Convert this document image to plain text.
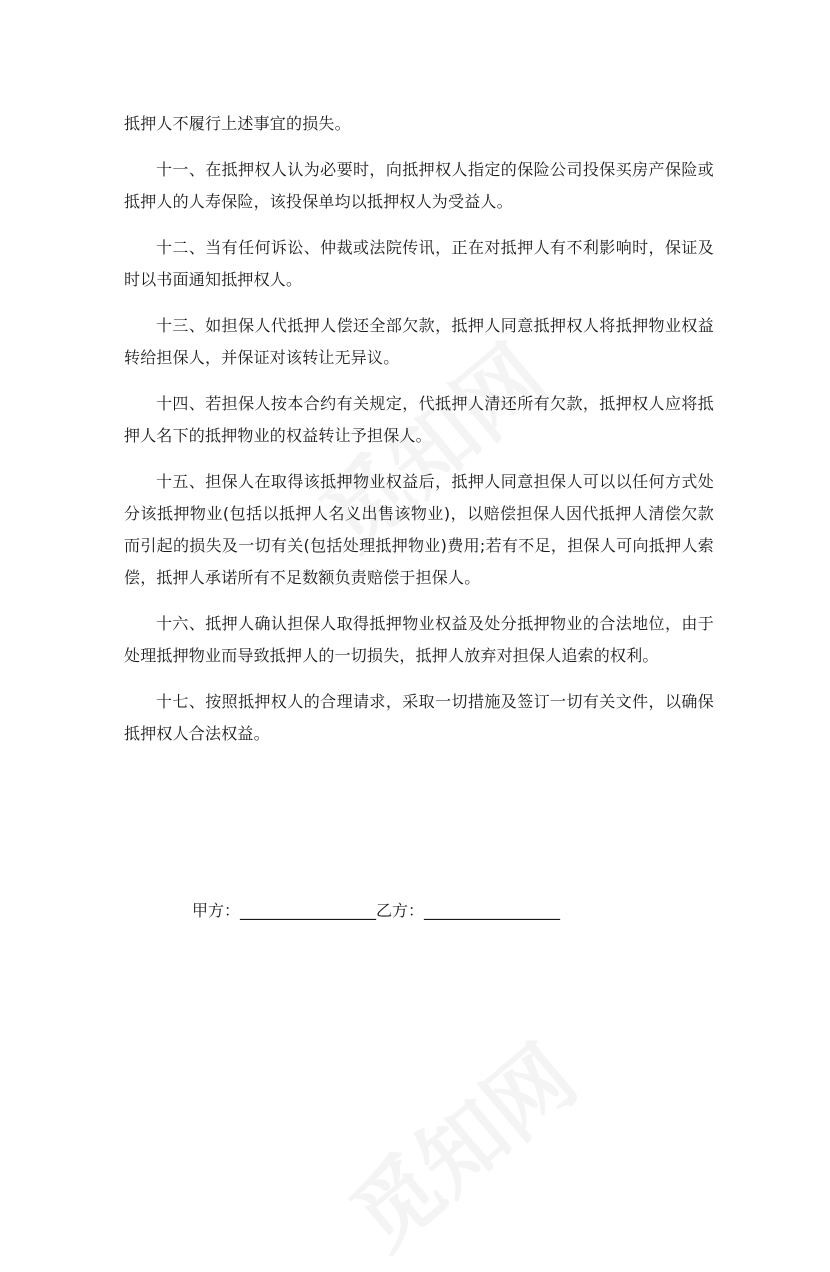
抵押人不履行上述事宜的损失。

十一、在抵押权人认为必要时，向抵押权人指定的保险公司投保买房产保险或抵押人的人寿保险，该投保单均以抵押权人为受益人。

十二、当有任何诉讼、仲裁或法院传讯，正在对抵押人有不利影响时，保证及时以书面通知抵押权人。

十三、如担保人代抵押人偿还全部欠款，抵押人同意抵押权人将抵押物业权益转给担保人，并保证对该转让无异议。

十四、若担保人按本合约有关规定，代抵押人清还所有欠款，抵押权人应将抵押人名下的抵押物业的权益转让予担保人。

十五、担保人在取得该抵押物业权益后，抵押人同意担保人可以以任何方式处分该抵押物业(包括以抵押人名义出售该物业)，以赔偿担保人因代抵押人清偿欠款而引起的损失及一切有关(包括处理抵押物业)费用;若有不足，担保人可向抵押人索偿，抵押人承诺所有不足数额负责赔偿于担保人。

十六、抵押人确认担保人取得抵押物业权益及处分抵押物业的合法地位，由于处理抵押物业而导致抵押人的一切损失，抵押人放弃对担保人追索的权利。

十七、按照抵押权人的合理请求，采取一切措施及签订一切有关文件，以确保抵押权人合法权益。

甲方：_________________乙方：_________________
